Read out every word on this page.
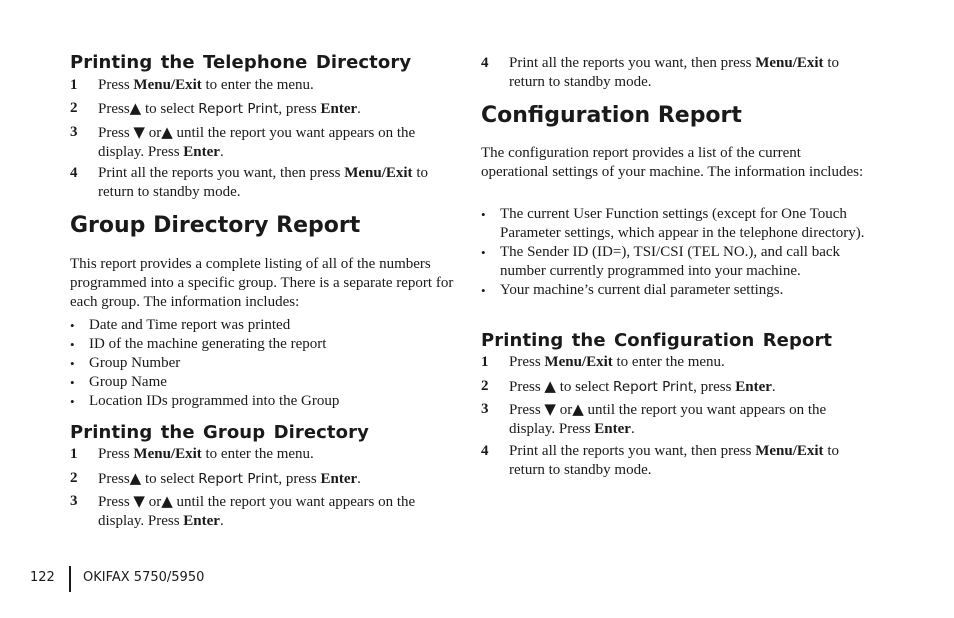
Printing the Telephone Directory
1 Press Menu/Exit to enter the menu.
2 Press▲ to select Report Print, press Enter.
3 Press ▼ or▲ until the report you want appears on the display. Press Enter.
4 Print all the reports you want, then press Menu/Exit to return to standby mode.
Group Directory Report

This report provides a complete listing of all of the numbers programmed into a specific group. There is a separate report for each group. The information includes:

• Date and Time report was printed
• ID of the machine generating the report
• Group Number
• Group Name
• Location IDs programmed into the Group
Printing the Group Directory
1 Press Menu/Exit to enter the menu.
2 Press▲ to select Report Print, press Enter.
3 Press ▼ or▲ until the report you want appears on the display. Press Enter.
4 Print all the reports you want, then press Menu/Exit to return to standby mode.
Configuration Report

The configuration report provides a list of the current operational settings of your machine. The information includes:

• The current User Function settings (except for One Touch Parameter settings, which appear in the telephone directory).
• The Sender ID (ID=), TSI/CSI (TEL NO.), and call back number currently programmed into your machine.
• Your machine’s current dial parameter settings.
Printing the Configuration Report
1 Press Menu/Exit to enter the menu.
2 Press ▲ to select Report Print, press Enter.
3 Press ▼ or▲ until the report you want appears on the display. Press Enter.
4 Print all the reports you want, then press Menu/Exit to return to standby mode.
122 OKIFAX 5750/5950
